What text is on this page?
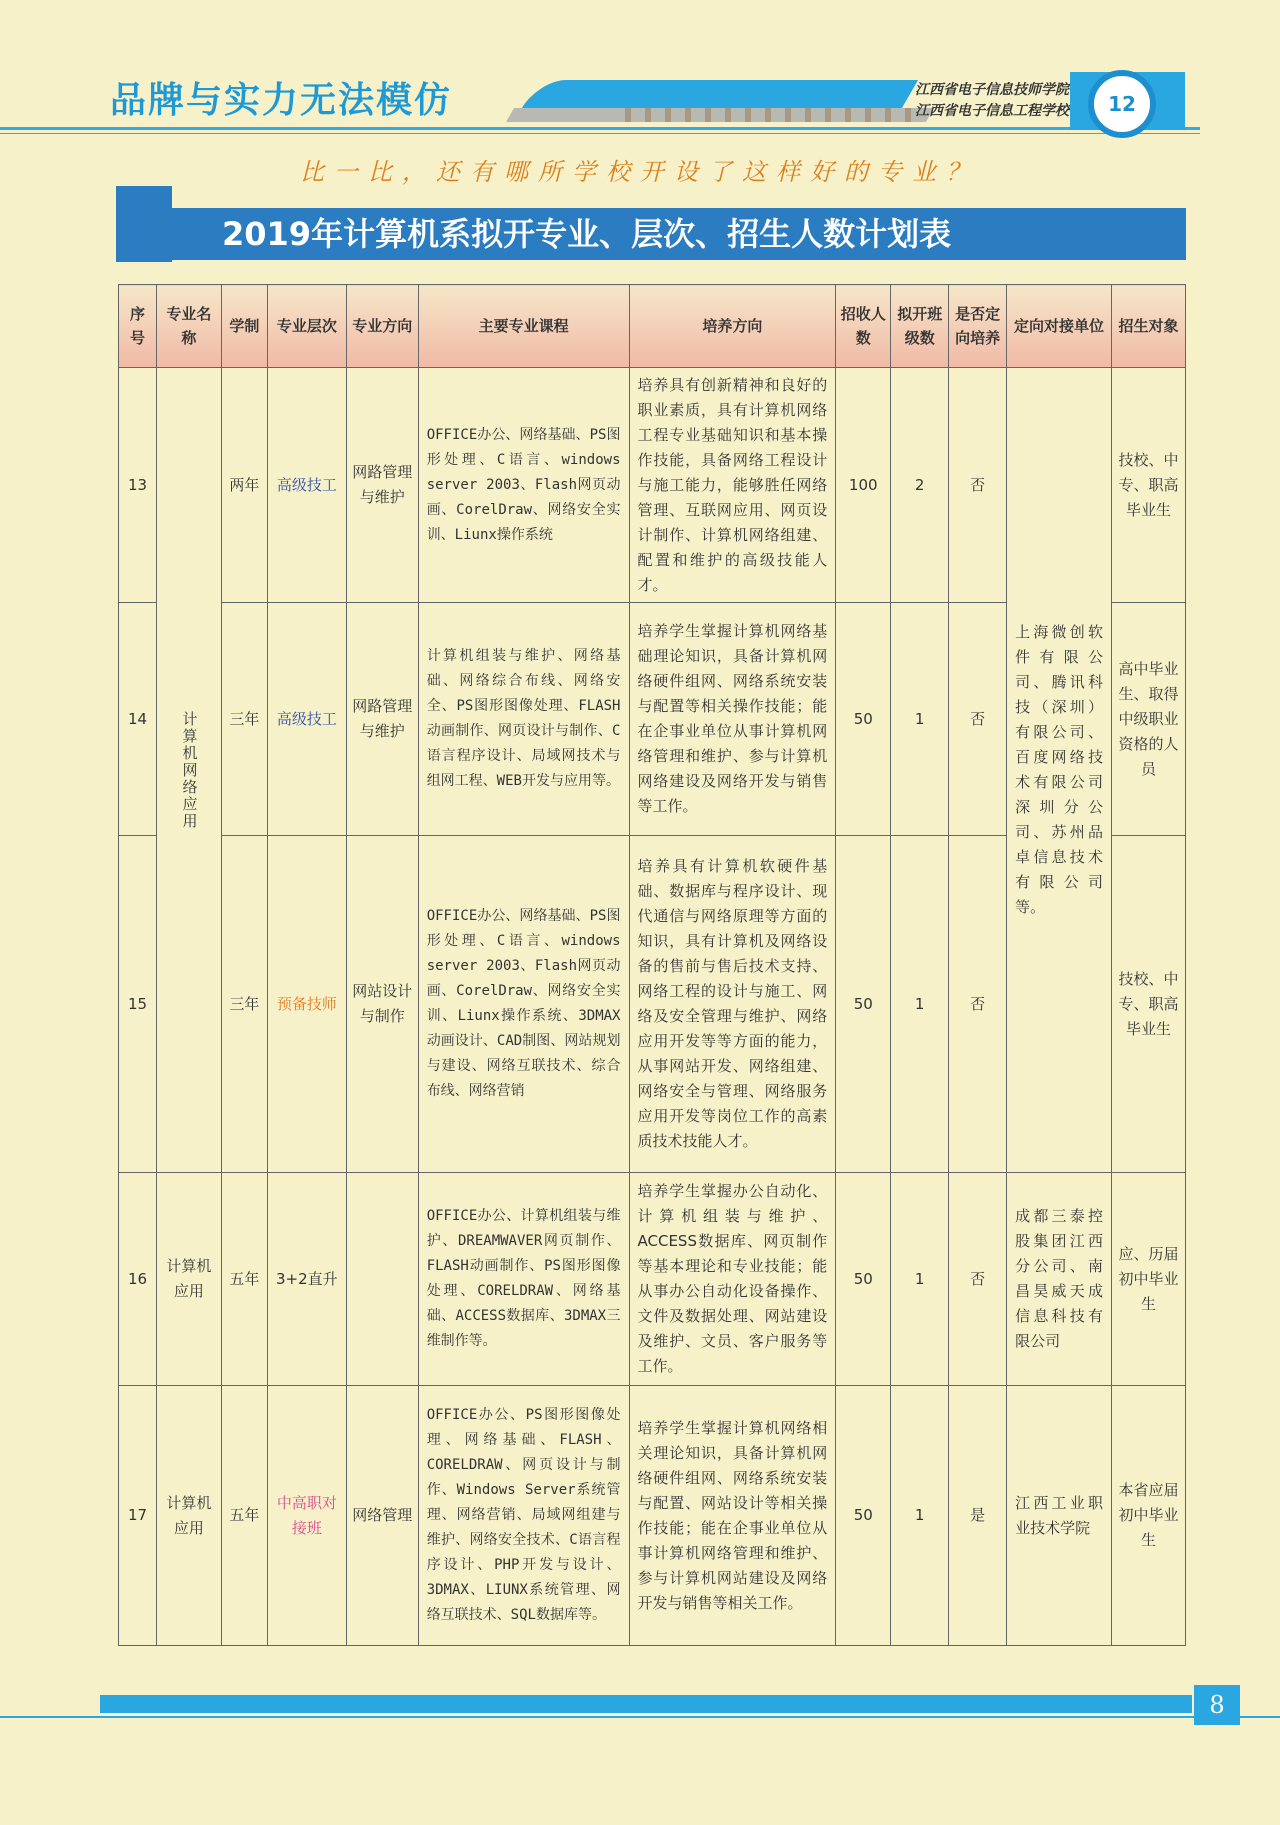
品牌与实力无法模仿	江西省电子信息技师学院
江西省电子信息工程学校 12
比一比，还有哪所学校开设了这样好的专业？
2019年计算机系拟开专业、层次、招生人数计划表
序号	专业名称	学制	专业层次	专业方向	主要专业课程	培养方向	招收人数	拟开班级数	是否定向培养	定向对接单位	招生对象
13	计算机网络应用	两年	高级技工	网路管理与维护	OFFICE办公、网络基础、PS图形处理、C语言、windows server 2003、Flash网页动画、CorelDraw、网络安全实训、Liunx操作系统	培养具有创新精神和良好的职业素质，具有计算机网络工程专业基础知识和基本操作技能，具备网络工程设计与施工能力，能够胜任网络管理、互联网应用、网页设计制作、计算机网络组建、配置和维护的高级技能人才。	100	2	否	上海微创软件有限公司、腾讯科技（深圳）有限公司、百度网络技术有限公司深圳分公司、苏州品卓信息技术有限公司等。	技校、中专、职高毕业生
14		三年	高级技工	网路管理与维护	计算机组装与维护、网络基础、网络综合布线、网络安全、PS图形图像处理、FLASH动画制作、网页设计与制作、C语言程序设计、局域网技术与组网工程、WEB开发与应用等。	培养学生掌握计算机网络基础理论知识，具备计算机网络硬件组网、网络系统安装与配置等相关操作技能；能在企事业单位从事计算机网络管理和维护、参与计算机网络建设及网络开发与销售等工作。	50	1	否		高中毕业生、取得中级职业资格的人员
15		三年	预备技师	网站设计与制作	OFFICE办公、网络基础、PS图形处理、C语言、windows server 2003、Flash网页动画、CorelDraw、网络安全实训、Liunx操作系统、3DMAX动画设计、CAD制图、网站规划与建设、网络互联技术、综合布线、网络营销	培养具有计算机软硬件基础、数据库与程序设计、现代通信与网络原理等方面的知识，具有计算机及网络设备的售前与售后技术支持、网络工程的设计与施工、网络及安全管理与维护、网络应用开发等等方面的能力，从事网站开发、网络组建、网络安全与管理、网络服务应用开发等岗位工作的高素质技术技能人才。	50	1	否		技校、中专、职高毕业生
16	计算机应用	五年	3+2直升		OFFICE办公、计算机组装与维护、DREAMWAVER网页制作、FLASH动画制作、PS图形图像处理、CORELDRAW、网络基础、ACCESS数据库、3DMAX三维制作等。	培养学生掌握办公自动化、计算机组装与维护、ACCESS数据库、网页制作等基本理论和专业技能；能从事办公自动化设备操作、文件及数据处理、网站建设及维护、文员、客户服务等工作。	50	1	否	成都三泰控股集团江西分公司、南昌昊威天成信息科技有限公司	应、历届初中毕业生
17	计算机应用	五年	中高职对接班	网络管理	OFFICE办公、PS图形图像处理、网络基础、FLASH、CORELDRAW、网页设计与制作、Windows Server系统管理、网络营销、局域网组建与维护、网络安全技术、C语言程序设计、PHP开发与设计、3DMAX、LIUNX系统管理、网络互联技术、SQL数据库等。	培养学生掌握计算机网络相关理论知识，具备计算机网络硬件组网、网络系统安装与配置、网站设计等相关操作技能；能在企事业单位从事计算机网络管理和维护、参与计算机网站建设及网络开发与销售等相关工作。	50	1	是	江西工业职业技术学院	本省应届初中毕业生
8
